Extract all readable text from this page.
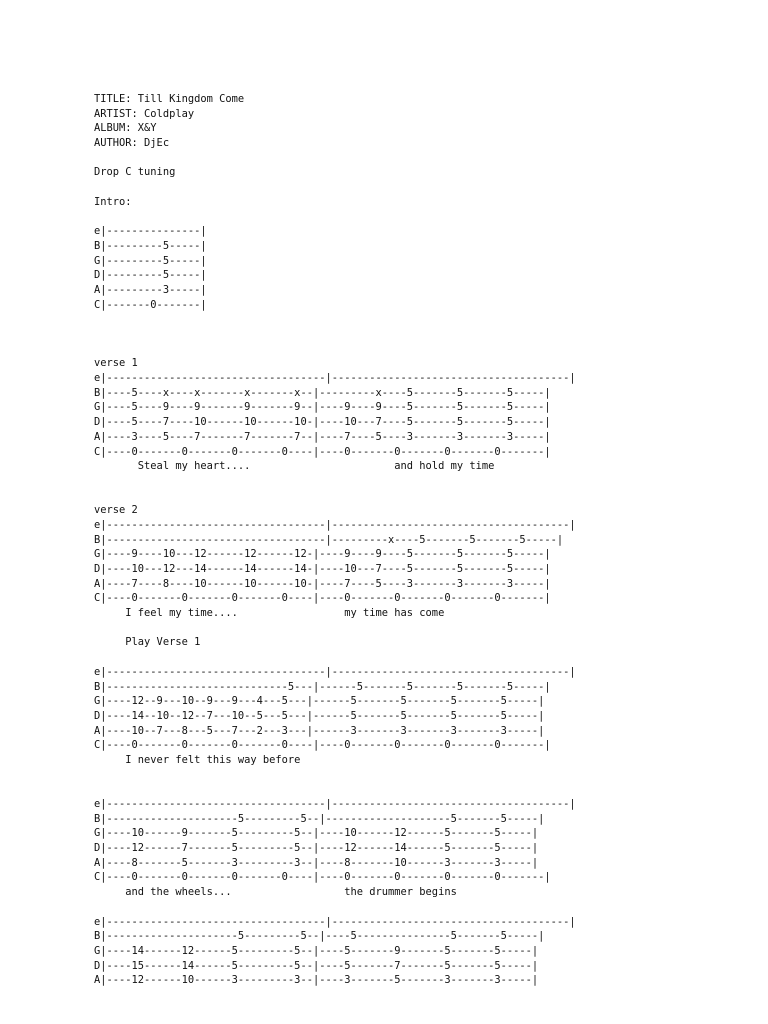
TITLE: Till Kingdom Come
ARTIST: Coldplay
ALBUM: X&Y
AUTHOR: DjEc
Drop C tuning
Intro:
e|---------------|
B|---------5-----|
G|---------5-----|
D|---------5-----|
A|---------3-----|
C|-------0-------|
verse 1
e|-----------------------------------|--------------------------------------|
B|----5----x----x-------x-------x--|---------x----5-------5-------5-----|
G|----5----9----9-------9-------9--|----9----9----5-------5-------5-----|
D|----5----7----10------10------10-|----10---7----5-------5-------5-----|
A|----3----5----7-------7-------7--|----7----5----3-------3-------3-----|
C|----0-------0-------0-------0----|----0-------0-------0-------0-------|
Steal my heart....                       and hold my time
verse 2
e|-----------------------------------|--------------------------------------|
B|-----------------------------------|---------x----5-------5-------5-----|
G|----9----10---12------12------12-|----9----9----5-------5-------5-----|
D|----10---12---14------14------14-|----10---7----5-------5-------5-----|
A|----7----8----10------10------10-|----7----5----3-------3-------3-----|
C|----0-------0-------0-------0----|----0-------0-------0-------0-------|
I feel my time....                 my time has come
Play Verse 1
e|-----------------------------------|--------------------------------------|
B|-----------------------------5---|------5-------5-------5-------5-----|
G|----12--9---10--9---9---4---5---|------5-------5-------5-------5-----|
D|----14--10--12--7---10--5---5---|------5-------5-------5-------5-----|
A|----10--7---8---5---7---2---3---|------3-------3-------3-------3-----|
C|----0-------0-------0-------0----|----0-------0-------0-------0-------|
I never felt this way before
e|-----------------------------------|--------------------------------------|
B|---------------------5---------5--|--------------------5-------5-----|
G|----10------9-------5---------5--|----10------12------5-------5-----|
D|----12------7-------5---------5--|----12------14------5-------5-----|
A|----8-------5-------3---------3--|----8-------10------3-------3-----|
C|----0-------0-------0-------0----|----0-------0-------0-------0-------|
and the wheels...                  the drummer begins
e|-----------------------------------|--------------------------------------|
B|---------------------5---------5--|----5---------------5-------5-----|
G|----14------12------5---------5--|----5-------9-------5-------5-----|
D|----15------14------5---------5--|----5-------7-------5-------5-----|
A|----12------10------3---------3--|----3-------5-------3-------3-----|
